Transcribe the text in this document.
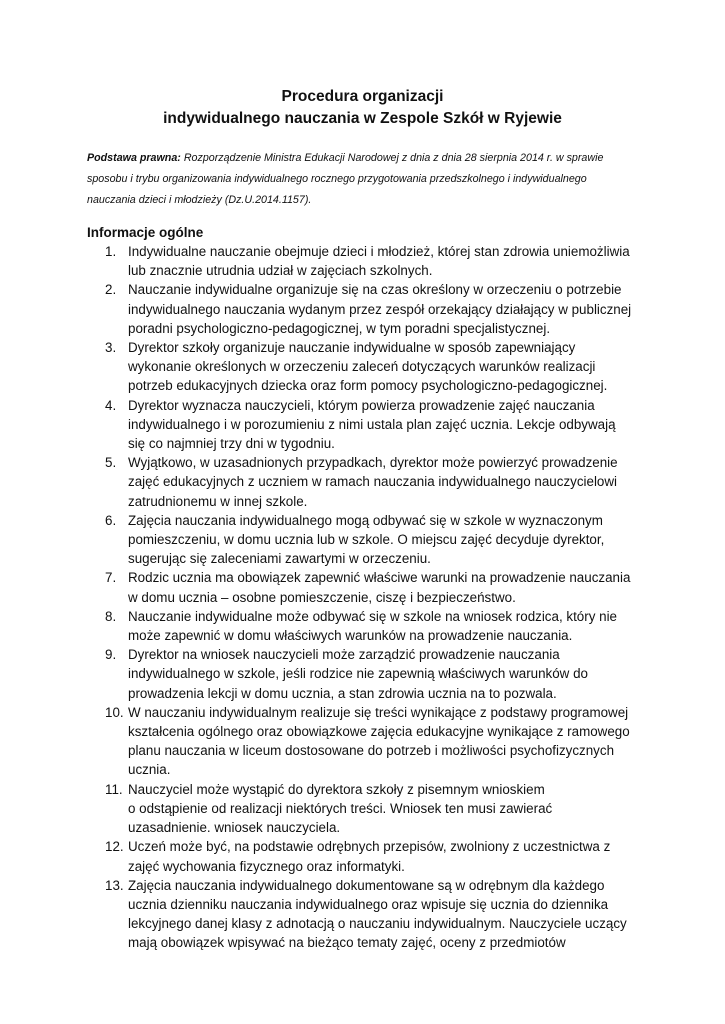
Procedura organizacji
indywidualnego nauczania w Zespole Szkół w Ryjewie

Podstawa prawna: Rozporządzenie Ministra Edukacji Narodowej z dnia z dnia 28 sierpnia 2014 r. w sprawie sposobu i trybu organizowania indywidualnego rocznego przygotowania przedszkolnego i indywidualnego nauczania dzieci i młodzieży (Dz.U.2014.1157).

Informacje ogólne
1. Indywidualne nauczanie obejmuje dzieci i młodzież, której stan zdrowia uniemożliwia
lub znacznie utrudnia udział w zajęciach szkolnych.
2. Nauczanie indywidualne organizuje się na czas określony w orzeczeniu o potrzebie
indywidualnego nauczania wydanym przez zespół orzekający działający w publicznej
poradni psychologiczno-pedagogicznej, w tym poradni specjalistycznej.
3. Dyrektor szkoły organizuje nauczanie indywidualne w sposób zapewniający
wykonanie określonych w orzeczeniu zaleceń dotyczących warunków realizacji
potrzeb edukacyjnych dziecka oraz form pomocy psychologiczno-pedagogicznej.
4. Dyrektor wyznacza nauczycieli, którym powierza prowadzenie zajęć nauczania
indywidualnego i w porozumieniu z nimi ustala plan zajęć ucznia. Lekcje odbywają
się co najmniej trzy dni w tygodniu.
5. Wyjątkowo, w uzasadnionych przypadkach, dyrektor może powierzyć prowadzenie
zajęć edukacyjnych z uczniem w ramach nauczania indywidualnego nauczycielowi
zatrudnionemu w innej szkole.
6. Zajęcia nauczania indywidualnego mogą odbywać się w szkole w wyznaczonym
pomieszczeniu, w domu ucznia lub w szkole. O miejscu zajęć decyduje dyrektor,
sugerując się zaleceniami zawartymi w orzeczeniu.
7. Rodzic ucznia ma obowiązek zapewnić właściwe warunki na prowadzenie nauczania
w domu ucznia – osobne pomieszczenie, ciszę i bezpieczeństwo.
8. Nauczanie indywidualne może odbywać się w szkole na wniosek rodzica, który nie
może zapewnić w domu właściwych warunków na prowadzenie nauczania.
9. Dyrektor na wniosek nauczycieli może zarządzić prowadzenie nauczania
indywidualnego w szkole, jeśli rodzice nie zapewnią właściwych warunków do
prowadzenia lekcji w domu ucznia, a stan zdrowia ucznia na to pozwala.
10. W nauczaniu indywidualnym realizuje się treści wynikające z podstawy programowej
kształcenia ogólnego oraz obowiązkowe zajęcia edukacyjne wynikające z ramowego
planu nauczania w liceum dostosowane do potrzeb i możliwości psychofizycznych
ucznia.
11. Nauczyciel może wystąpić do dyrektora szkoły z pisemnym wnioskiem
o odstąpienie od realizacji niektórych treści. Wniosek ten musi zawierać
uzasadnienie. wniosek nauczyciela.
12. Uczeń może być, na podstawie odrębnych przepisów, zwolniony z uczestnictwa z
zajęć wychowania fizycznego oraz informatyki.
13. Zajęcia nauczania indywidualnego dokumentowane są w odrębnym dla każdego
ucznia dzienniku nauczania indywidualnego oraz wpisuje się ucznia do dziennika
lekcyjnego danej klasy z adnotacją o nauczaniu indywidualnym. Nauczyciele uczący
mają obowiązek wpisywać na bieżąco tematy zajęć, oceny z przedmiotów
